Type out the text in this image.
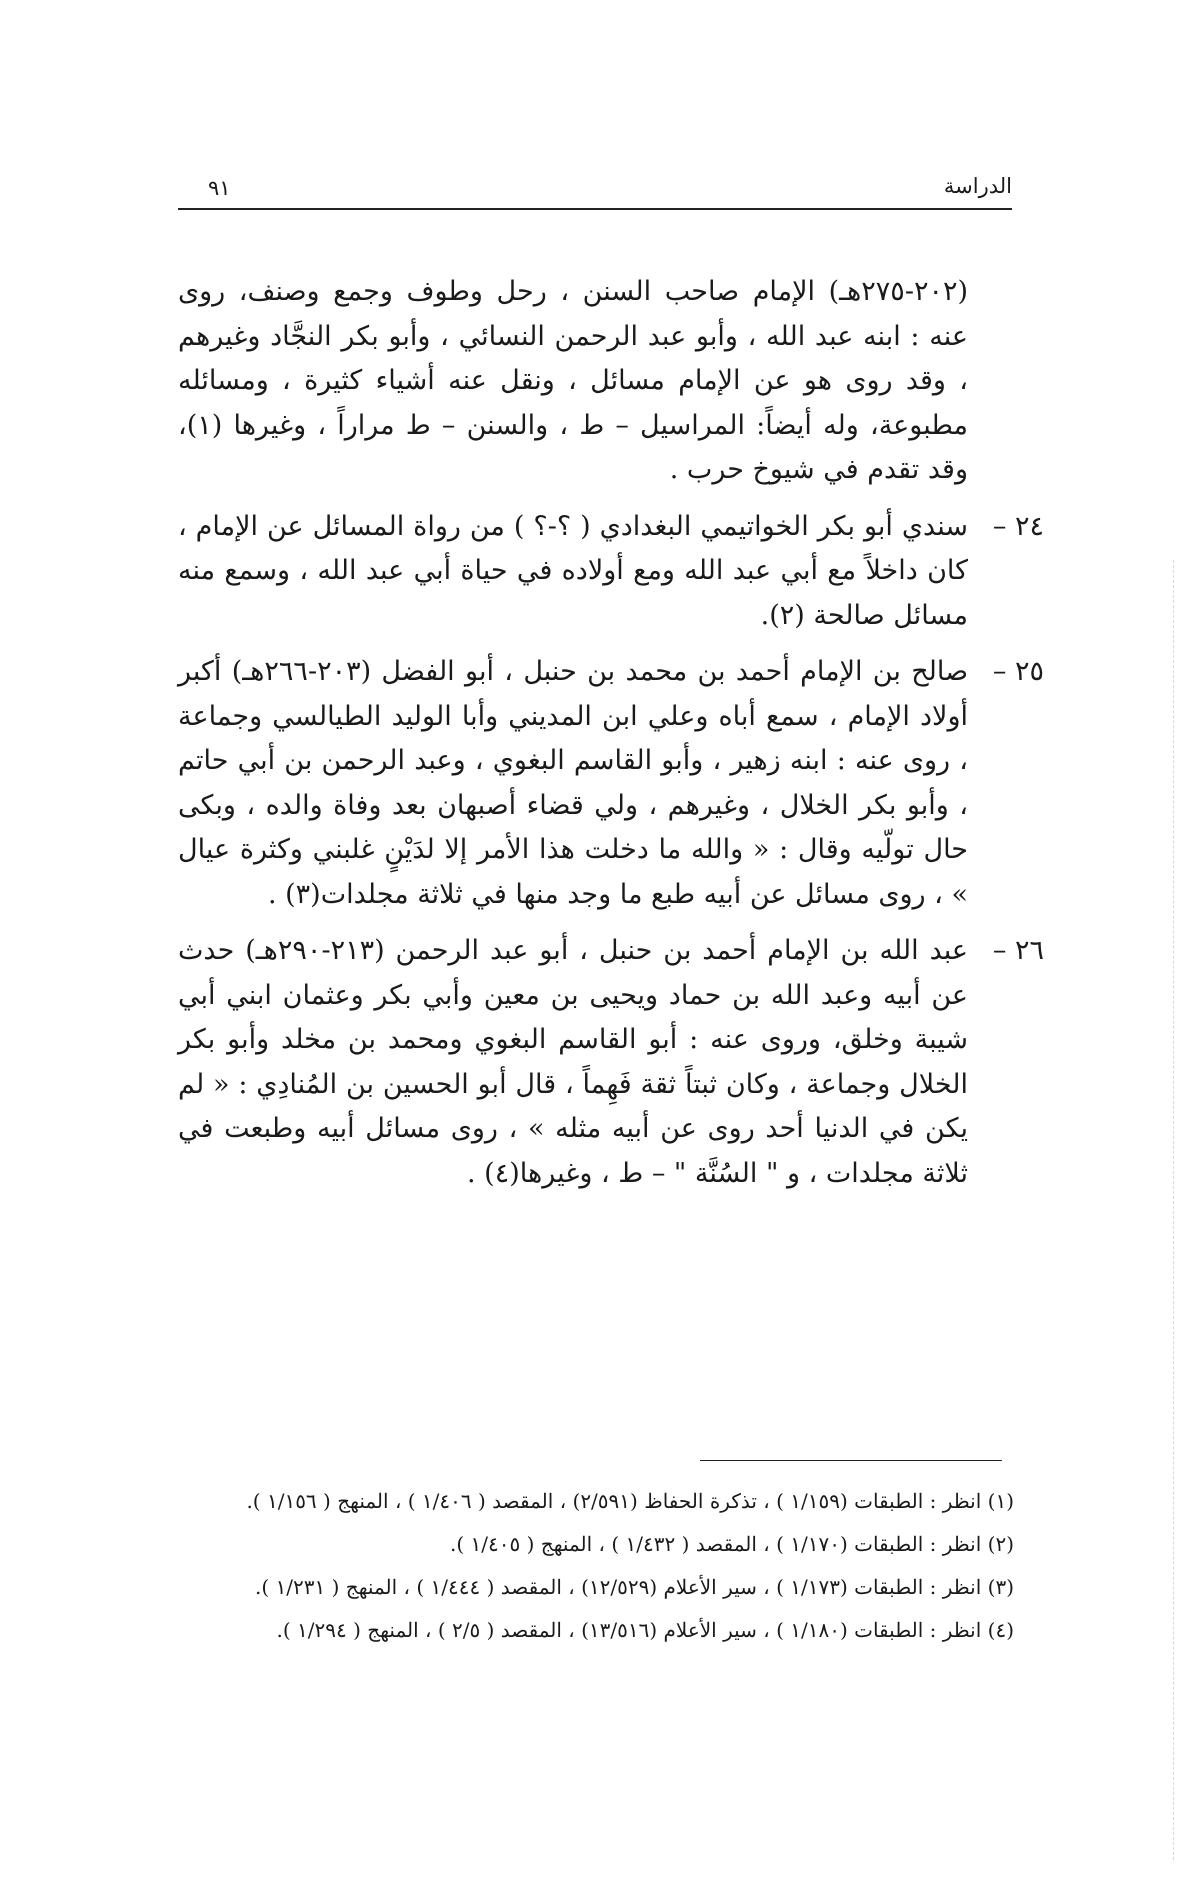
الدراسة
٩١

(٢٠٢-٢٧٥هـ) الإمام صاحب السنن ، رحل وطوف وجمع وصنف، روى عنه : ابنه عبد الله ، وأبو عبد الرحمن النسائي ، وأبو بكر النجَّاد وغيرهم ، وقد روى هو عن الإمام مسائل ، ونقل عنه أشياء كثيرة ، ومسائله مطبوعة، وله أيضاً: المراسيل – ط ، والسنن – ط مراراً ، وغيرها (١)، وقد تقدم في شيوخ حرب .

٢٤ –

سندي أبو بكر الخواتيمي البغدادي ( ؟-؟ ) من رواة المسائل عن الإمام ، كان داخلاً مع أبي عبد الله ومع أولاده في حياة أبي عبد الله ، وسمع منه مسائل صالحة (٢).

٢٥ –

صالح بن الإمام أحمد بن محمد بن حنبل ، أبو الفضل (٢٠٣-٢٦٦هـ) أكبر أولاد الإمام ، سمع أباه وعلي ابن المديني وأبا الوليد الطيالسي وجماعة ، روى عنه : ابنه زهير ، وأبو القاسم البغوي ، وعبد الرحمن بن أبي حاتم ، وأبو بكر الخلال ، وغيرهم ، ولي قضاء أصبهان بعد وفاة والده ، وبكى حال تولّيه وقال : « والله ما دخلت هذا الأمر إلا لدَيْنٍ غلبني وكثرة عيال » ، روى مسائل عن أبيه طبع ما وجد منها في ثلاثة مجلدات(٣) .

٢٦ –

عبد الله بن الإمام أحمد بن حنبل ، أبو عبد الرحمن (٢١٣-٢٩٠هـ) حدث عن أبيه وعبد الله بن حماد ويحيى بن معين وأبي بكر وعثمان ابني أبي شيبة وخلق، وروى عنه : أبو القاسم البغوي ومحمد بن مخلد وأبو بكر الخلال وجماعة ، وكان ثبتاً ثقة فَهِماً ، قال أبو الحسين بن المُنادِي : « لم يكن في الدنيا أحد روى عن أبيه مثله » ، روى مسائل أبيه وطبعت في ثلاثة مجلدات ، و " السُنَّة " – ط ، وغيرها(٤) .

(١) انظر : الطبقات (١/١٥٩ ) ، تذكرة الحفاظ (٢/٥٩١) ، المقصد ( ١/٤٠٦ ) ، المنهج ( ١/١٥٦ ).

(٢) انظر : الطبقات (١/١٧٠ ) ، المقصد ( ١/٤٣٢ ) ، المنهج ( ١/٤٠٥ ).

(٣) انظر : الطبقات (١/١٧٣ ) ، سير الأعلام (١٢/٥٢٩) ، المقصد ( ١/٤٤٤ ) ، المنهج ( ١/٢٣١ ).

(٤) انظر : الطبقات (١/١٨٠ ) ، سير الأعلام (١٣/٥١٦) ، المقصد ( ٢/٥ ) ، المنهج ( ١/٢٩٤ ).
